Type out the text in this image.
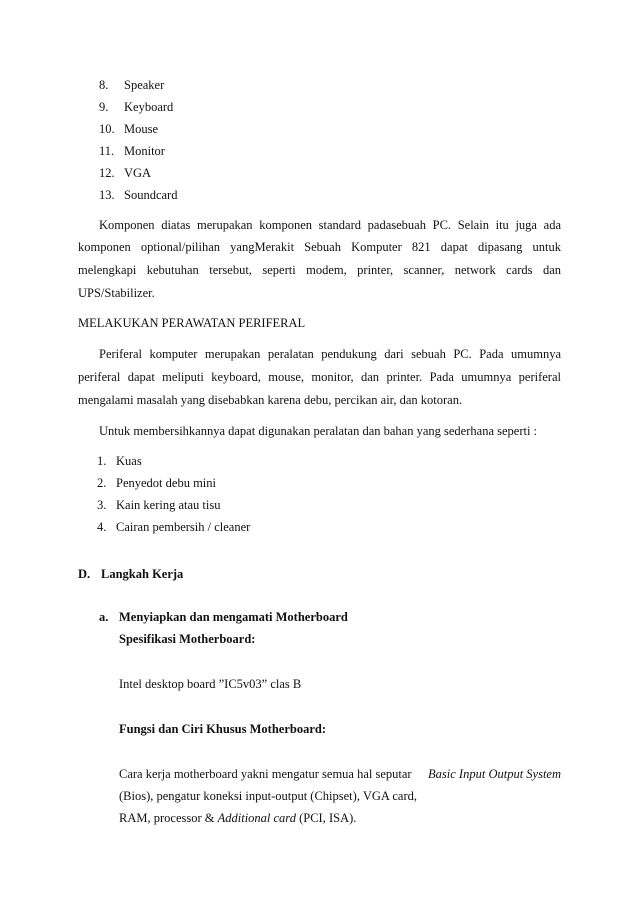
8. Speaker
9. Keyboard
10. Mouse
11. Monitor
12. VGA
13. Soundcard
Komponen diatas merupakan komponen standard padasebuah PC. Selain itu juga ada
komponen optional/pilihan yangMerakit Sebuah Komputer 821 dapat dipasang untuk
melengkapi kebutuhan tersebut, seperti modem, printer, scanner, network cards dan
UPS/Stabilizer.
MELAKUKAN PERAWATAN PERIFERAL
Periferal komputer merupakan peralatan pendukung dari sebuah PC. Pada umumnya
periferal dapat meliputi keyboard, mouse, monitor, dan printer. Pada umumnya periferal
mengalami masalah yang disebabkan karena debu, percikan air, dan kotoran.
Untuk membersihkannya dapat digunakan peralatan dan bahan yang sederhana seperti :
1. Kuas
2. Penyedot debu mini
3. Kain kering atau tisu
4. Cairan pembersih / cleaner
D. Langkah Kerja
a. Menyiapkan dan mengamati Motherboard
Spesifikasi Motherboard:
Intel desktop board ”IC5v03” clas B
Fungsi dan Ciri Khusus Motherboard:
Cara kerja motherboard yakni mengatur semua hal seputar Basic Input Output System
(Bios), pengatur koneksi input-output (Chipset), VGA card,
RAM, processor & Additional card (PCI, ISA).
